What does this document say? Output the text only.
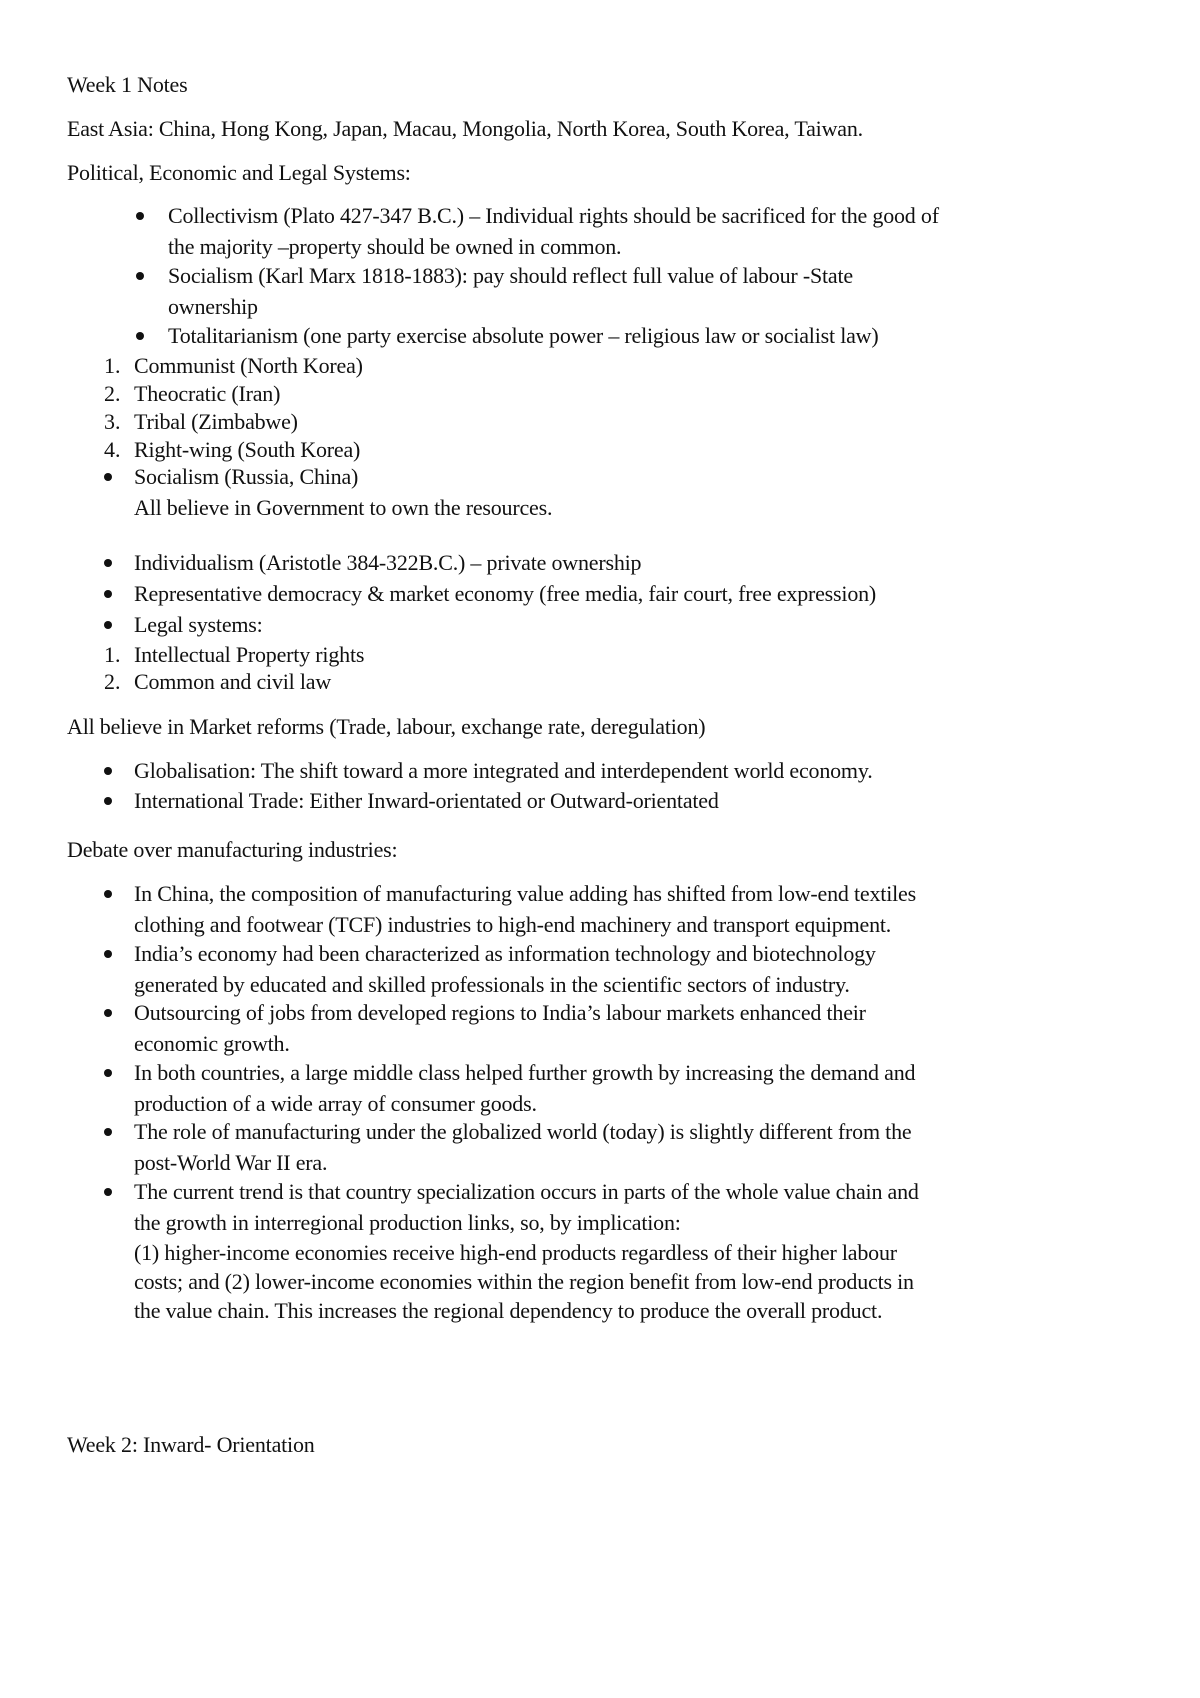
Week 1 Notes
East Asia: China, Hong Kong, Japan, Macau, Mongolia, North Korea, South Korea, Taiwan.
Political, Economic and Legal Systems:
Collectivism (Plato 427-347 B.C.) – Individual rights should be sacrificed for the good of
the majority –property should be owned in common.
Socialism (Karl Marx 1818-1883): pay should reflect full value of labour -State
ownership
Totalitarianism (one party exercise absolute power – religious law or socialist law)
1. Communist (North Korea)
2. Theocratic (Iran)
3. Tribal (Zimbabwe)
4. Right-wing (South Korea)
Socialism (Russia, China)
All believe in Government to own the resources.
Individualism (Aristotle 384-322B.C.) – private ownership
Representative democracy & market economy (free media, fair court, free expression)
Legal systems:
1. Intellectual Property rights
2. Common and civil law
All believe in Market reforms (Trade, labour, exchange rate, deregulation)
Globalisation: The shift toward a more integrated and interdependent world economy.
International Trade: Either Inward-orientated or Outward-orientated
Debate over manufacturing industries:
In China, the composition of manufacturing value adding has shifted from low-end textiles
clothing and footwear (TCF) industries to high-end machinery and transport equipment.
India’s economy had been characterized as information technology and biotechnology
generated by educated and skilled professionals in the scientific sectors of industry.
Outsourcing of jobs from developed regions to India’s labour markets enhanced their
economic growth.
In both countries, a large middle class helped further growth by increasing the demand and
production of a wide array of consumer goods.
The role of manufacturing under the globalized world (today) is slightly different from the
post-World War II era.
The current trend is that country specialization occurs in parts of the whole value chain and
the growth in interregional production links, so, by implication:
(1) higher-income economies receive high-end products regardless of their higher labour
costs; and (2) lower-income economies within the region benefit from low-end products in
the value chain. This increases the regional dependency to produce the overall product.
Week 2: Inward- Orientation
